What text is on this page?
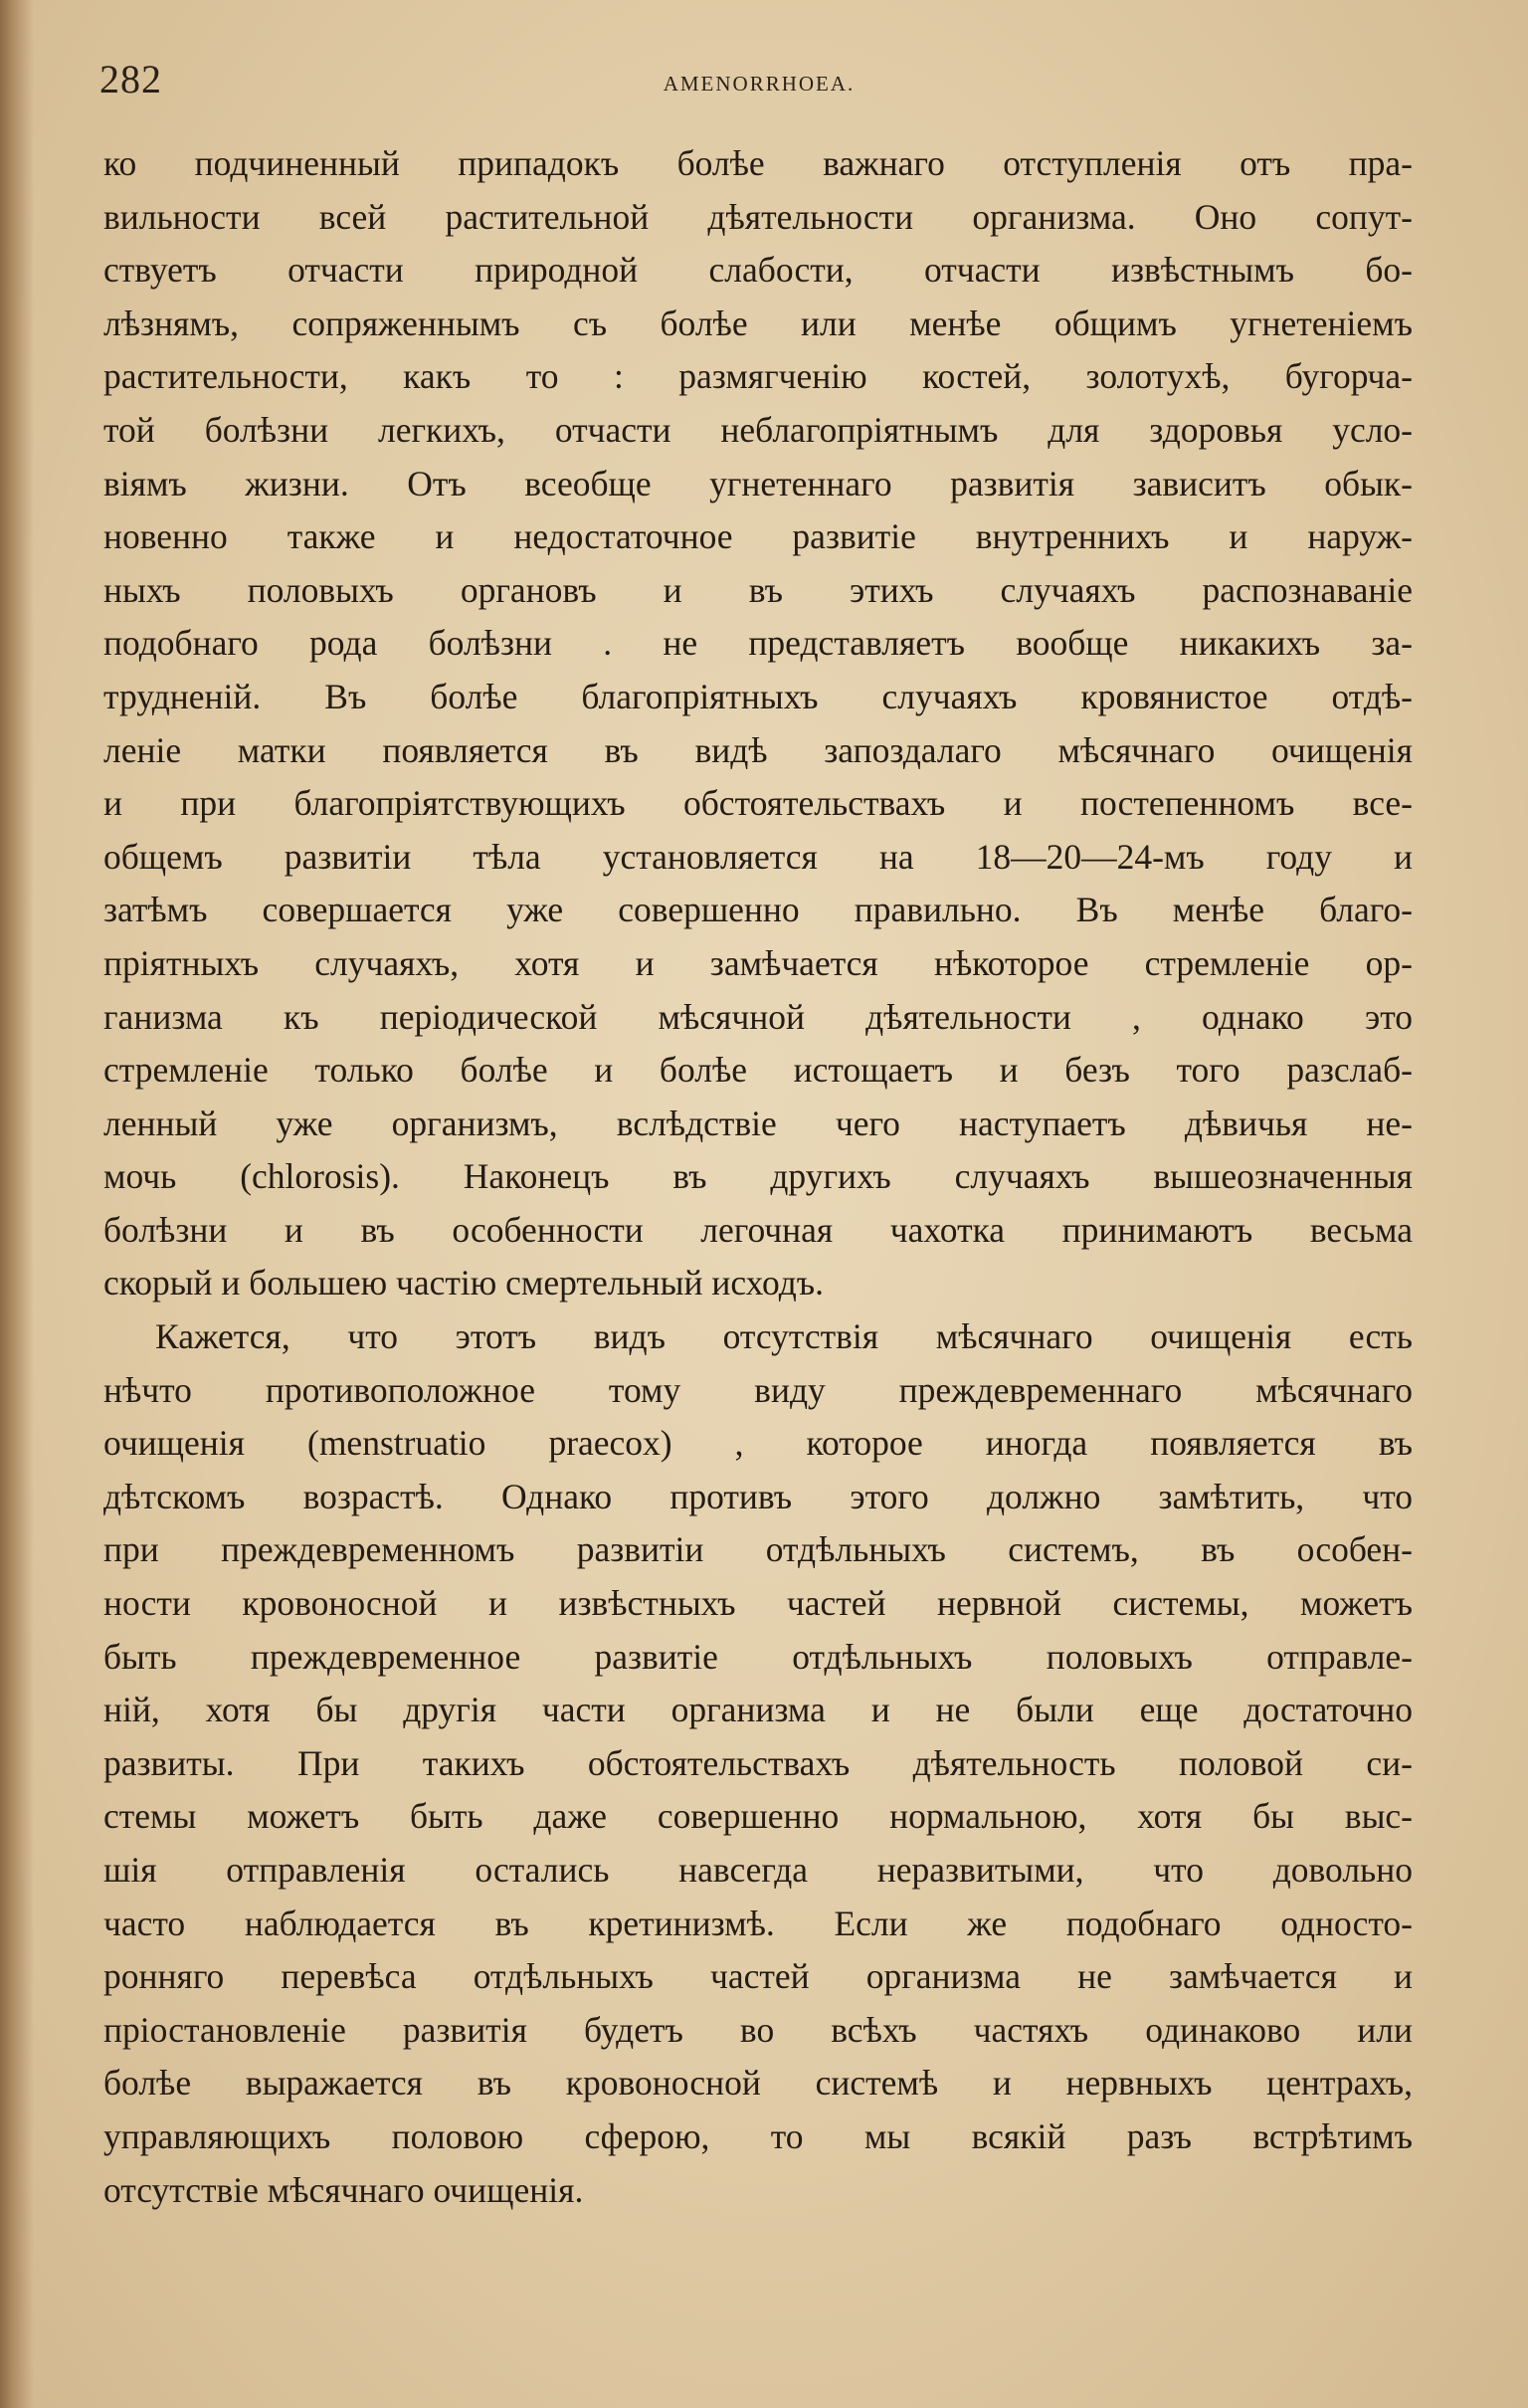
282	AMENORRHOEA.

ко подчиненный припадокъ болѣе важнаго отступленія отъ пра-
вильности всей растительной дѣятельности организма. Оно сопут-
ствуетъ отчасти природной слабости, отчасти извѣстнымъ бо-
лѣзнямъ, сопряженнымъ съ болѣе или менѣе общимъ угнетеніемъ
растительности, какъ то : размягченію костей, золотухѣ, бугорча-
той болѣзни легкихъ, отчасти неблагопріятнымъ для здоровья усло-
віямъ жизни. Отъ всеобще угнетеннаго развитія зависитъ обык-
новенно также и недостаточное развитіе внутреннихъ и наруж-
ныхъ половыхъ органовъ и въ этихъ случаяхъ распознаваніе
подобнаго рода болѣзни . не представляетъ вообще никакихъ за-
трудненій. Въ болѣе благопріятныхъ случаяхъ кровянистое отдѣ-
леніе матки появляется въ видѣ запоздалаго мѣсячнаго очищенія
и при благопріятствующихъ обстоятельствахъ и постепенномъ все-
общемъ развитіи тѣла установляется на 18—20—24-мъ году и
затѣмъ совершается уже совершенно правильно. Въ менѣе благо-
пріятныхъ случаяхъ, хотя и замѣчается нѣкоторое стремленіе ор-
ганизма къ періодической мѣсячной дѣятельности , однако это
стремленіе только болѣе и болѣе истощаетъ и безъ того разслаб-
ленный уже организмъ, вслѣдствіе чего наступаетъ дѣвичья не-
мочь (chlorosis). Наконецъ въ другихъ случаяхъ вышеозначенныя
болѣзни и въ особенности легочная чахотка принимаютъ весьма
скорый и большею частію смертельный исходъ.

Кажется, что этотъ видъ отсутствія мѣсячнаго очищенія есть
нѣчто противоположное тому виду преждевременнаго мѣсячнаго
очищенія (menstruatio praecox) , которое иногда появляется въ
дѣтскомъ возрастѣ. Однако противъ этого должно замѣтить, что
при преждевременномъ развитіи отдѣльныхъ системъ, въ особен-
ности кровоносной и извѣстныхъ частей нервной системы, можетъ
быть преждевременное развитіе отдѣльныхъ половыхъ отправле-
ній, хотя бы другія части организма и не были еще достаточно
развиты. При такихъ обстоятельствахъ дѣятельность половой си-
стемы можетъ быть даже совершенно нормальною, хотя бы выс-
шія отправленія остались навсегда неразвитыми, что довольно
часто наблюдается въ кретинизмѣ. Если же подобнаго односто-
ронняго перевѣса отдѣльныхъ частей организма не замѣчается и
пріостановленіе развитія будетъ во всѣхъ частяхъ одинаково или
болѣе выражается въ кровоносной системѣ и нервныхъ центрахъ,
управляющихъ половою сферою, то мы всякій разъ встрѣтимъ
отсутствіе мѣсячнаго очищенія.
